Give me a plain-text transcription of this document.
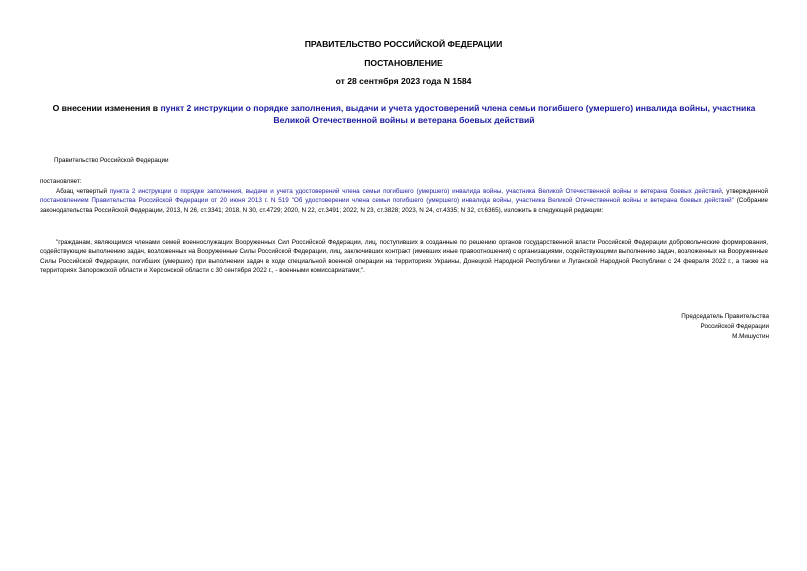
ПРАВИТЕЛЬСТВО РОССИЙСКОЙ ФЕДЕРАЦИИ
ПОСТАНОВЛЕНИЕ
от 28 сентября 2023 года N 1584
О внесении изменения в пункт 2 инструкции о порядке заполнения, выдачи и учета удостоверений члена семьи погибшего (умершего) инвалида войны, участника Великой Отечественной войны и ветерана боевых действий
Правительство Российской Федерации
постановляет:
Абзац четвертый пункта 2 инструкции о порядке заполнения, выдачи и учета удостоверений члена семьи погибшего (умершего) инвалида войны, участника Великой Отечественной войны и ветерана боевых действий, утвержденной постановлением Правительства Российской Федерации от 20 июня 2013 г. N 519 "Об удостоверении члена семьи погибшего (умершего) инвалида войны, участника Великой Отечественной войны и ветерана боевых действий" (Собрание законодательства Российской Федерации, 2013, N 26, ст.3341; 2018, N 30, ст.4729; 2020, N 22, ст.3491; 2022, N 23, ст.3828; 2023, N 24, ст.4335; N 32, ст.6365), изложить в следующей редакции:
"гражданам, являющимся членами семей военнослужащих Вооруженных Сил Российской Федерации, лиц, поступивших в созданные по решению органов государственной власти Российской Федерации добровольческие формирования, содействующие выполнению задач, возложенных на Вооруженные Силы Российской Федерации, лиц, заключивших контракт (имевших иные правоотношения) с организациями, содействующими выполнению задач, возложенных на Вооруженные Силы Российской Федерации, погибших (умерших) при выполнении задач в ходе специальной военной операции на территориях Украины, Донецкой Народной Республики и Луганской Народной Республики с 24 февраля 2022 г., а также на территориях Запорожской области и Херсонской области с 30 сентября 2022 г., - военными комиссариатами;".
Председатель Правительства
Российской Федерации
М.Мишустин
